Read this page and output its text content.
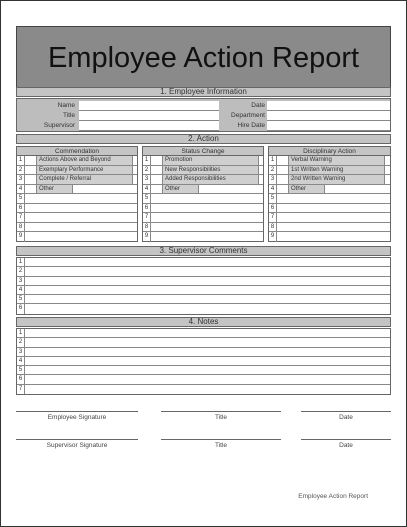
Employee Action Report
1. Employee Information
Name
Title
Supervisor
Date
Department
Hire Date
2. Action
Commendation
1	Actions Above and Beyond
2	Exemplary Performance
3	Complete / Referral
4	Other
5
6
7
8
9
Status Change
1	Promotion
2	New Responsibilities
3	Added Responsibilities
4	Other
5
6
7
8
9
Disciplinary Action
1	Verbal Warning
2	1st Written Warning
3	2nd Written Warning
4	Other
5
6
7
8
9
3. Supervisor Comments
1
2
3
4
5
6
4. Notes
1
2
3
4
5
6
7
Employee Signature	Title	Date
Supervisor Signature	Title	Date
Employee Action Report
